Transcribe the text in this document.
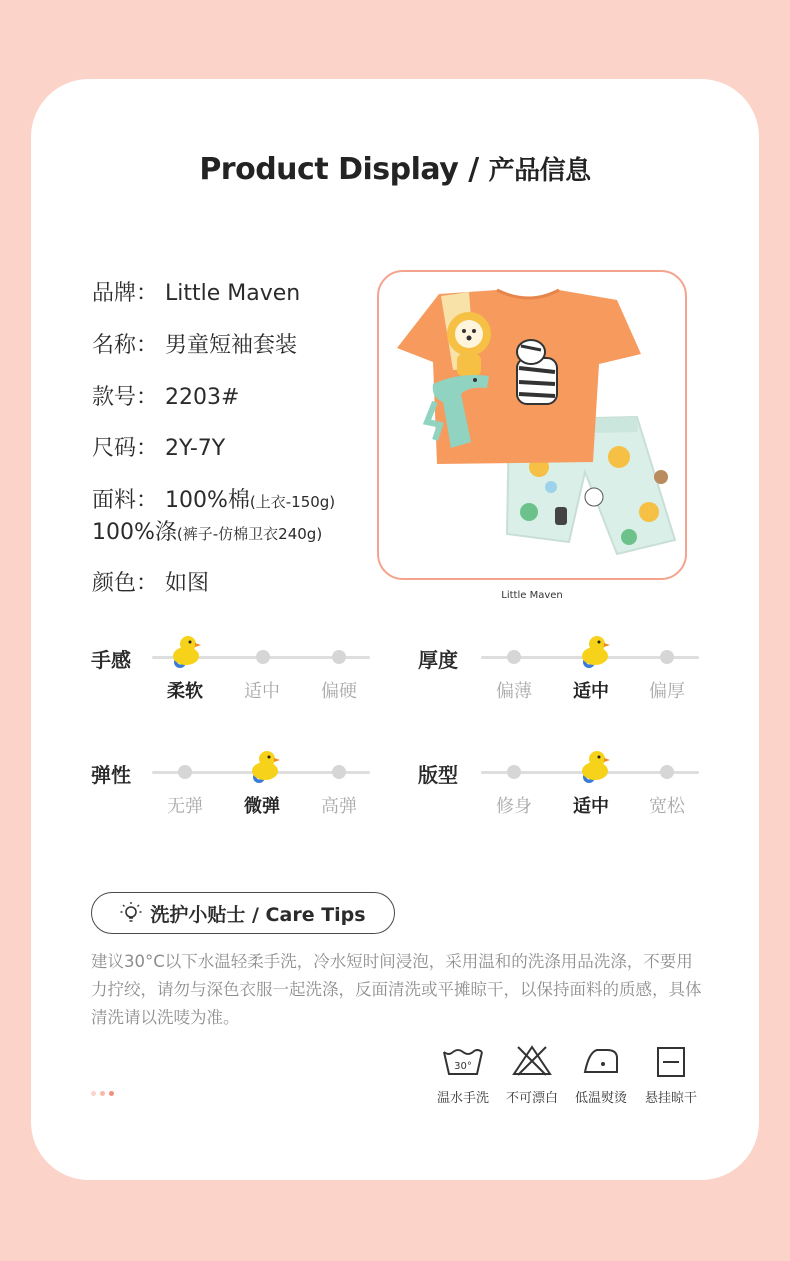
Product Display / 产品信息
品牌： Little Maven
名称： 男童短袖套装
款号： 2203#
尺码： 2Y-7Y
面料： 100%棉(上衣-150g)
100%涤(裤子-仿棉卫衣240g)
颜色： 如图	Little Maven
手感
柔软	适中	偏硬
厚度
偏薄	适中	偏厚
弹性
无弹	微弹	高弹
版型
修身	适中	宽松
洗护小贴士 / Care Tips
建议30°C以下水温轻柔手洗，冷水短时间浸泡，采用温和的洗涤用品洗涤，不要用力拧绞，请勿与深色衣服一起洗涤，反面清洗或平摊晾干，以保持面料的质感，具体清洗请以洗唛为准。
30°
温水手洗	不可漂白	低温熨烫	悬挂晾干
